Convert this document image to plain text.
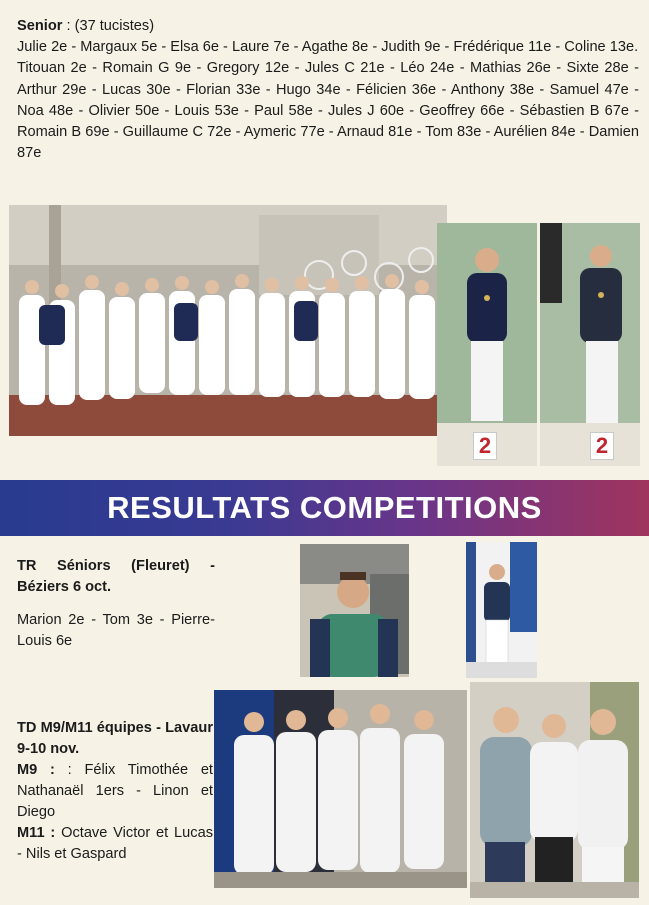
Senior : (37 tucistes)

Julie 2e - Margaux 5e - Elsa 6e - Laure 7e - Agathe 8e - Judith 9e - Frédérique 11e - Coline 13e.

Titouan 2e - Romain G 9e - Gregory 12e - Jules C 21e - Léo 24e - Mathias 26e - Sixte 28e - Arthur 29e - Lucas 30e - Florian 33e - Hugo 34e - Félicien 36e - Anthony 38e - Samuel 47e - Noa 48e - Olivier 50e - Louis 53e - Paul 58e - Jules J 60e - Geoffrey 66e - Sébastien B 67e - Romain B 69e - Guillaume C 72e - Aymeric 77e - Arnaud 81e - Tom 83e - Aurélien 84e - Damien 87e

2	2
RESULTATS COMPETITIONS

TR Séniors (Fleuret) - Béziers 6 oct.

Marion 2e - Tom 3e - Pierre-Louis 6e

TD M9/M11 équipes - Lavaur 9-10 nov.

M9 : : Félix Timothée et Nathanaël 1ers - Linon et Diego

M11 : Octave Victor et Lucas - Nils et Gaspard
